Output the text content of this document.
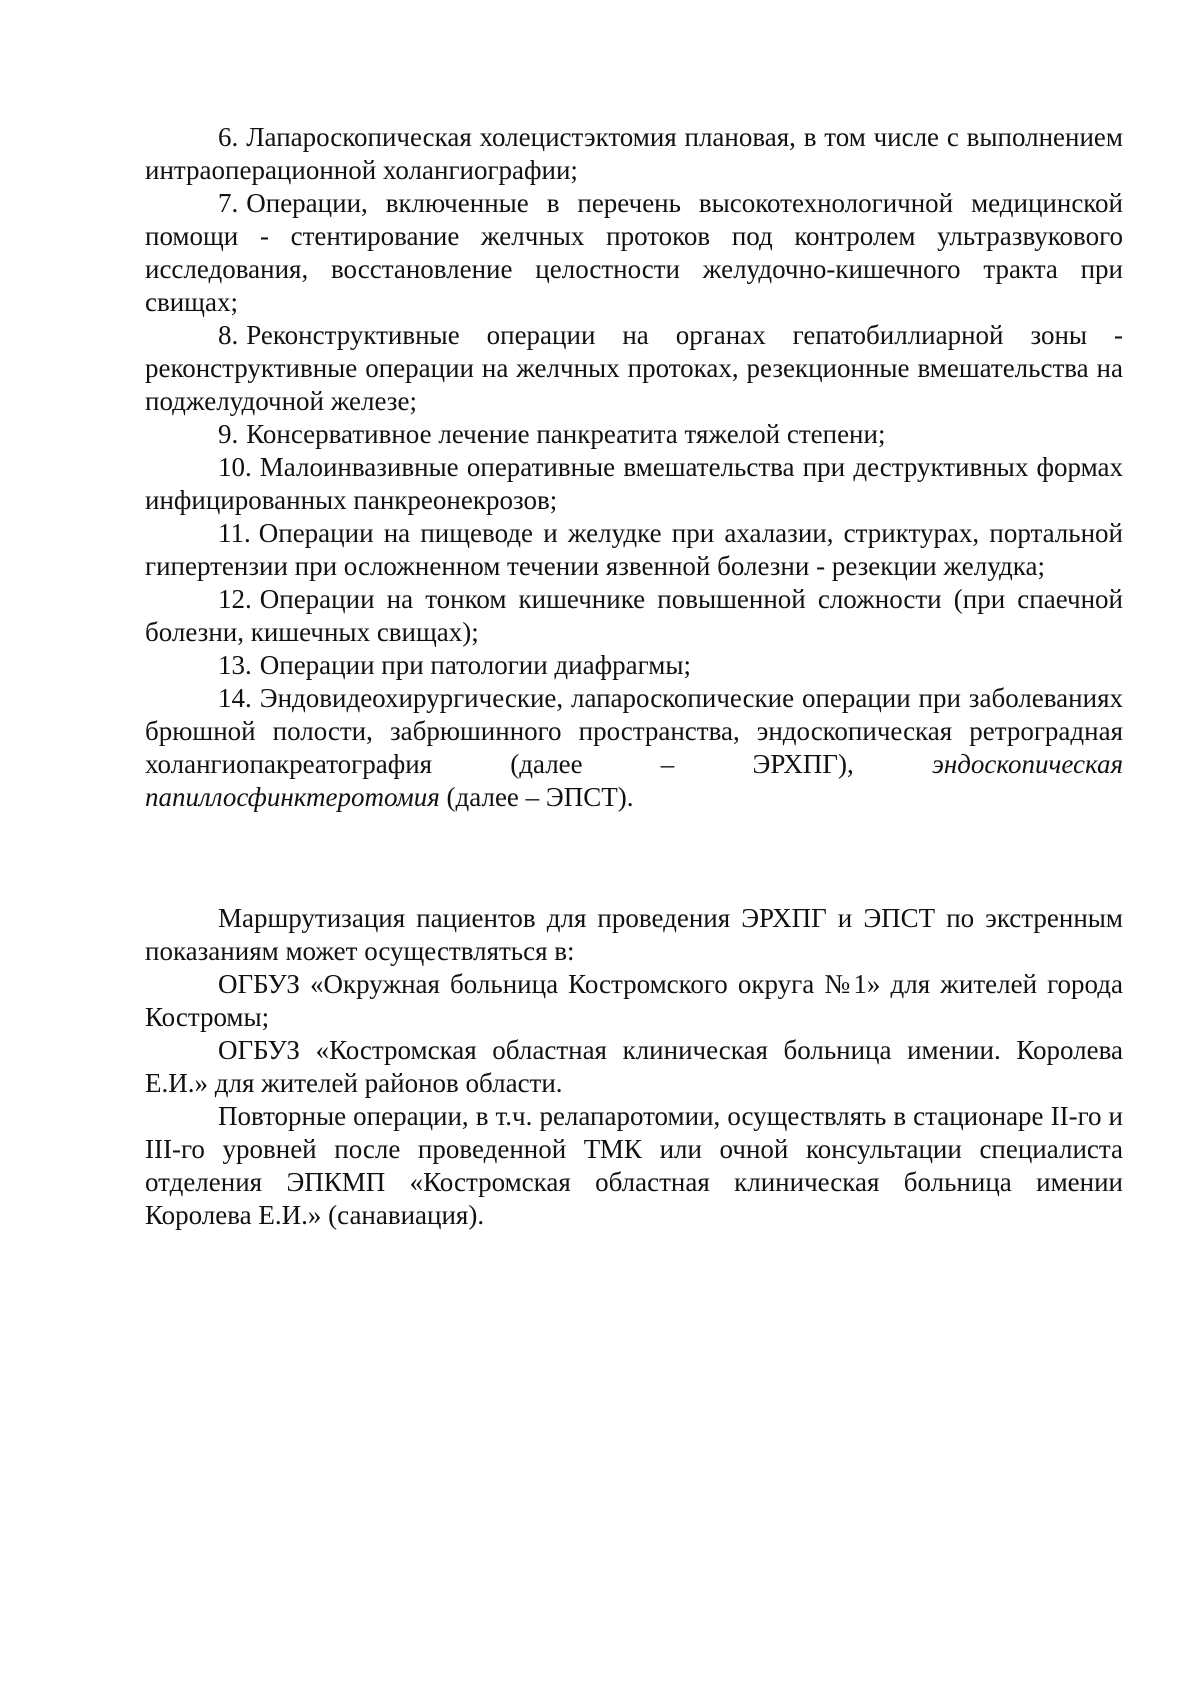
6. Лапароскопическая холецистэктомия плановая, в том числе с выполнением интраоперационной холангиографии;

7. Операции, включенные в перечень высокотехнологичной медицинской помощи - стентирование желчных протоков под контролем ультразвукового исследования, восстановление целостности желудочно-кишечного тракта при свищах;

8. Реконструктивные операции на органах гепатобиллиарной зоны - реконструктивные операции на желчных протоках, резекционные вмешательства на поджелудочной железе;

9. Консервативное лечение панкреатита тяжелой степени;

10. Малоинвазивные оперативные вмешательства при деструктивных формах инфицированных панкреонекрозов;

11. Операции на пищеводе и желудке при ахалазии, стриктурах, портальной гипертензии при осложненном течении язвенной болезни - резекции желудка;

12. Операции на тонком кишечнике повышенной сложности (при спаечной болезни, кишечных свищах);

13. Операции при патологии диафрагмы;

14. Эндовидеохирургические, лапароскопические операции при заболеваниях брюшной полости, забрюшинного пространства, эндоскопическая ретроградная холангиопакреатография (далее – ЭРХПГ), эндоскопическая папиллосфинктеротомия (далее – ЭПСТ).

Маршрутизация пациентов для проведения ЭРХПГ и ЭПСТ по экстренным показаниям может осуществляться в:

ОГБУЗ «Окружная больница Костромского округа №1» для жителей города Костромы;

ОГБУЗ «Костромская областная клиническая больница имении. Королева Е.И.» для жителей районов области.

Повторные операции, в т.ч. релапаротомии, осуществлять в стационаре II-го и III-го уровней после проведенной ТМК или очной консультации специалиста отделения ЭПКМП «Костромская областная клиническая больница имении Королева Е.И.» (санавиация).
